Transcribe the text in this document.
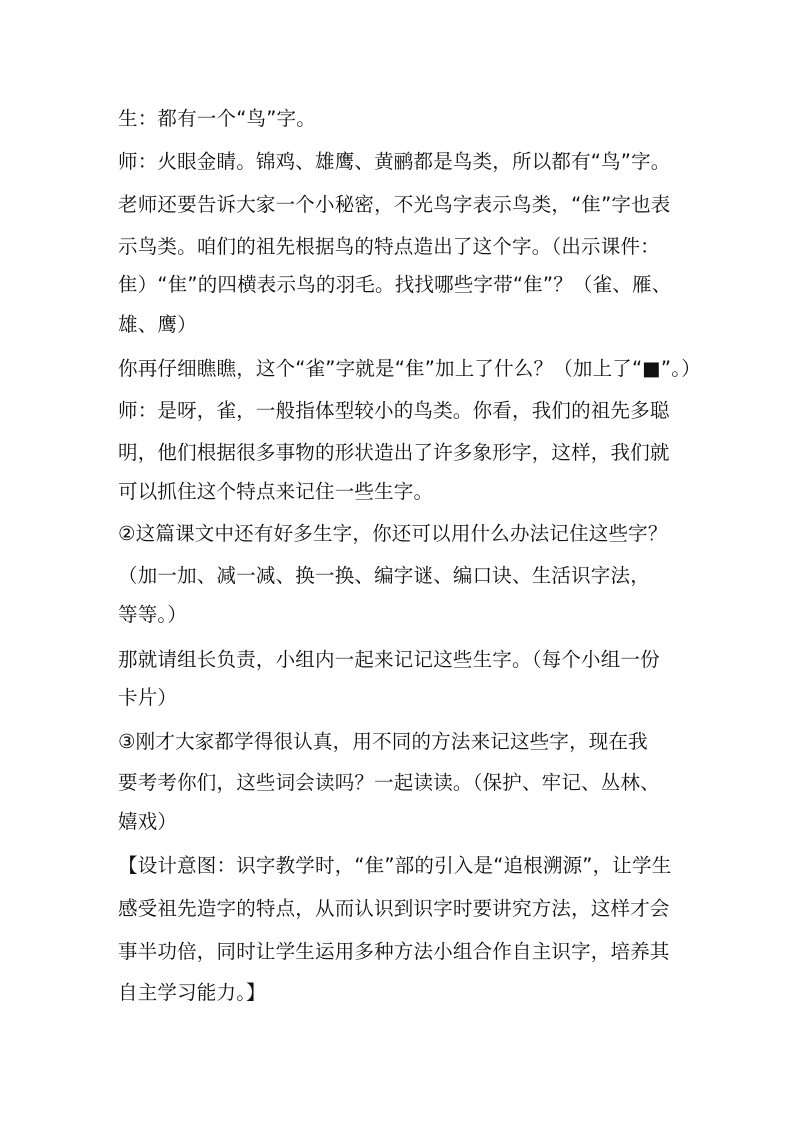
生：都有一个“鸟”字。

师：火眼金睛。锦鸡、雄鹰、黄鹂都是鸟类，所以都有“鸟”字。

老师还要告诉大家一个小秘密，不光鸟字表示鸟类，“隹”字也表

示鸟类。咱们的祖先根据鸟的特点造出了这个字。（出示课件：

隹）“隹”的四横表示鸟的羽毛。找找哪些字带“隹”？（雀、雁、

雄、鹰）

你再仔细瞧瞧，这个“雀”字就是“隹”加上了什么？（加上了“■”。）

师：是呀，雀，一般指体型较小的鸟类。你看，我们的祖先多聪

明，他们根据很多事物的形状造出了许多象形字，这样，我们就

可以抓住这个特点来记住一些生字。

②这篇课文中还有好多生字，你还可以用什么办法记住这些字？

（加一加、减一减、换一换、编字谜、编口诀、生活识字法，

等等。）

那就请组长负责，小组内一起来记记这些生字。（每个小组一份

卡片）

③刚才大家都学得很认真，用不同的方法来记这些字，现在我

要考考你们，这些词会读吗？一起读读。（保护、牢记、丛林、

嬉戏）

【设计意图：识字教学时，“隹”部的引入是“追根溯源”，让学生

感受祖先造字的特点，从而认识到识字时要讲究方法，这样才会

事半功倍，同时让学生运用多种方法小组合作自主识字，培养其

自主学习能力。】
